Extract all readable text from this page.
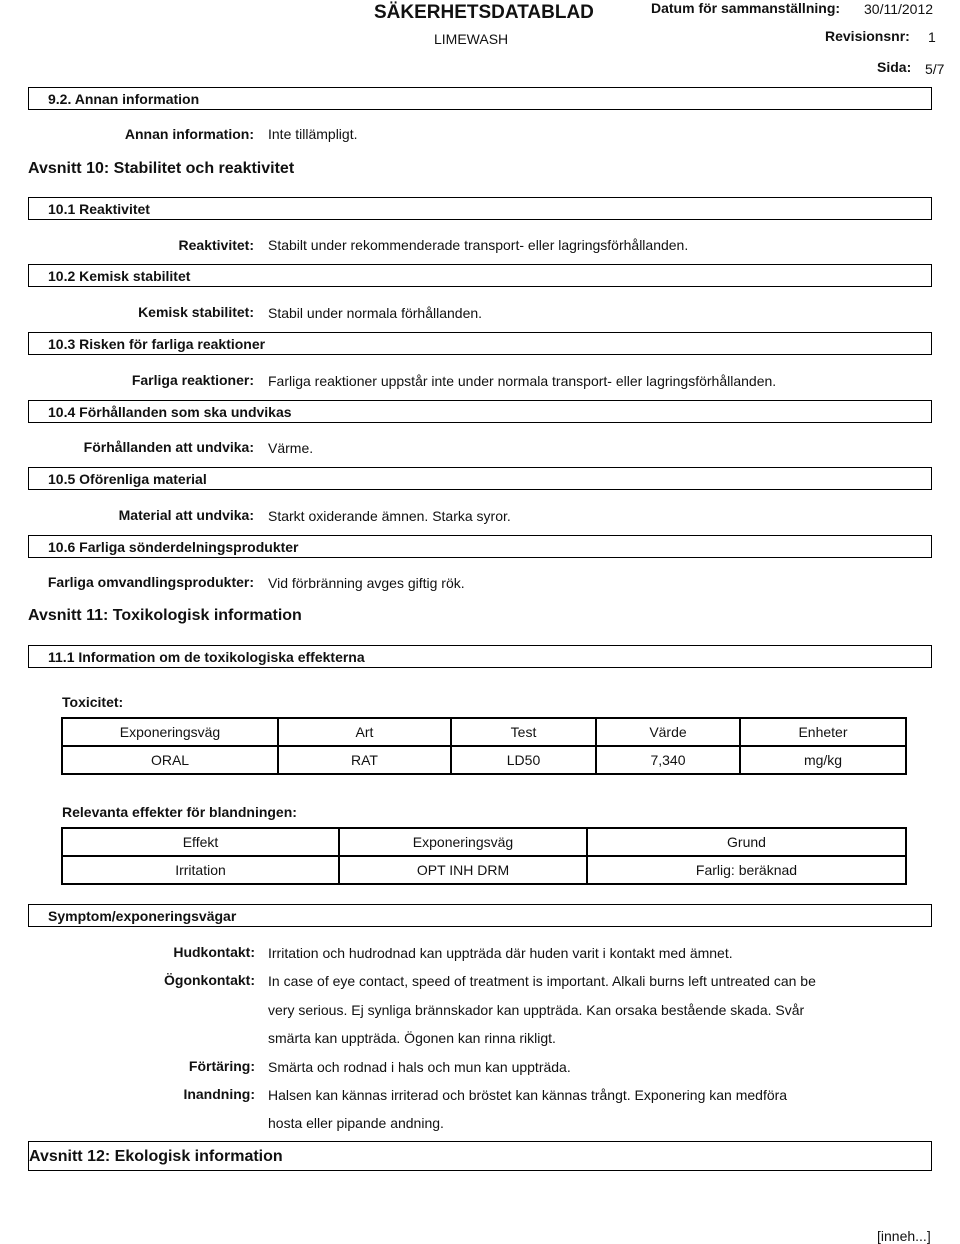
SÄKERHETSDATABLAD
LIMEWASH
Datum för sammanställning: 30/11/2012
Revisionsnr: 1
Sida: 5/7
9.2. Annan information
Annan information: Inte tillämpligt.
Avsnitt 10: Stabilitet och reaktivitet
10.1 Reaktivitet
Reaktivitet: Stabilt under rekommenderade transport- eller lagringsförhållanden.
10.2 Kemisk stabilitet
Kemisk stabilitet: Stabil under normala förhållanden.
10.3 Risken för farliga reaktioner
Farliga reaktioner: Farliga reaktioner uppstår inte under normala transport- eller lagringsförhållanden.
10.4 Förhållanden som ska undvikas
Förhållanden att undvika: Värme.
10.5 Oförenliga material
Material att undvika: Starkt oxiderande ämnen. Starka syror.
10.6 Farliga sönderdelningsprodukter
Farliga omvandlingsprodukter: Vid förbränning avges giftig rök.
Avsnitt 11: Toxikologisk information
11.1 Information om de toxikologiska effekterna
Toxicitet:
Exponeringsväg	Art	Test	Värde	Enheter
ORAL	RAT	LD50	7,340	mg/kg
Relevanta effekter för blandningen:
Effekt	Exponeringsväg	Grund
Irritation	OPT INH DRM	Farlig: beräknad
Symptom/exponeringsvägar
Hudkontakt: Irritation och hudrodnad kan uppträda där huden varit i kontakt med ämnet.
Ögonkontakt: In case of eye contact, speed of treatment is important. Alkali burns left untreated can be
very serious. Ej synliga brännskador kan uppträda. Kan orsaka bestående skada. Svår
smärta kan uppträda. Ögonen kan rinna rikligt.
Förtäring: Smärta och rodnad i hals och mun kan uppträda.
Inandning: Halsen kan kännas irriterad och bröstet kan kännas trångt. Exponering kan medföra
hosta eller pipande andning.
Avsnitt 12: Ekologisk information
[inneh...]
